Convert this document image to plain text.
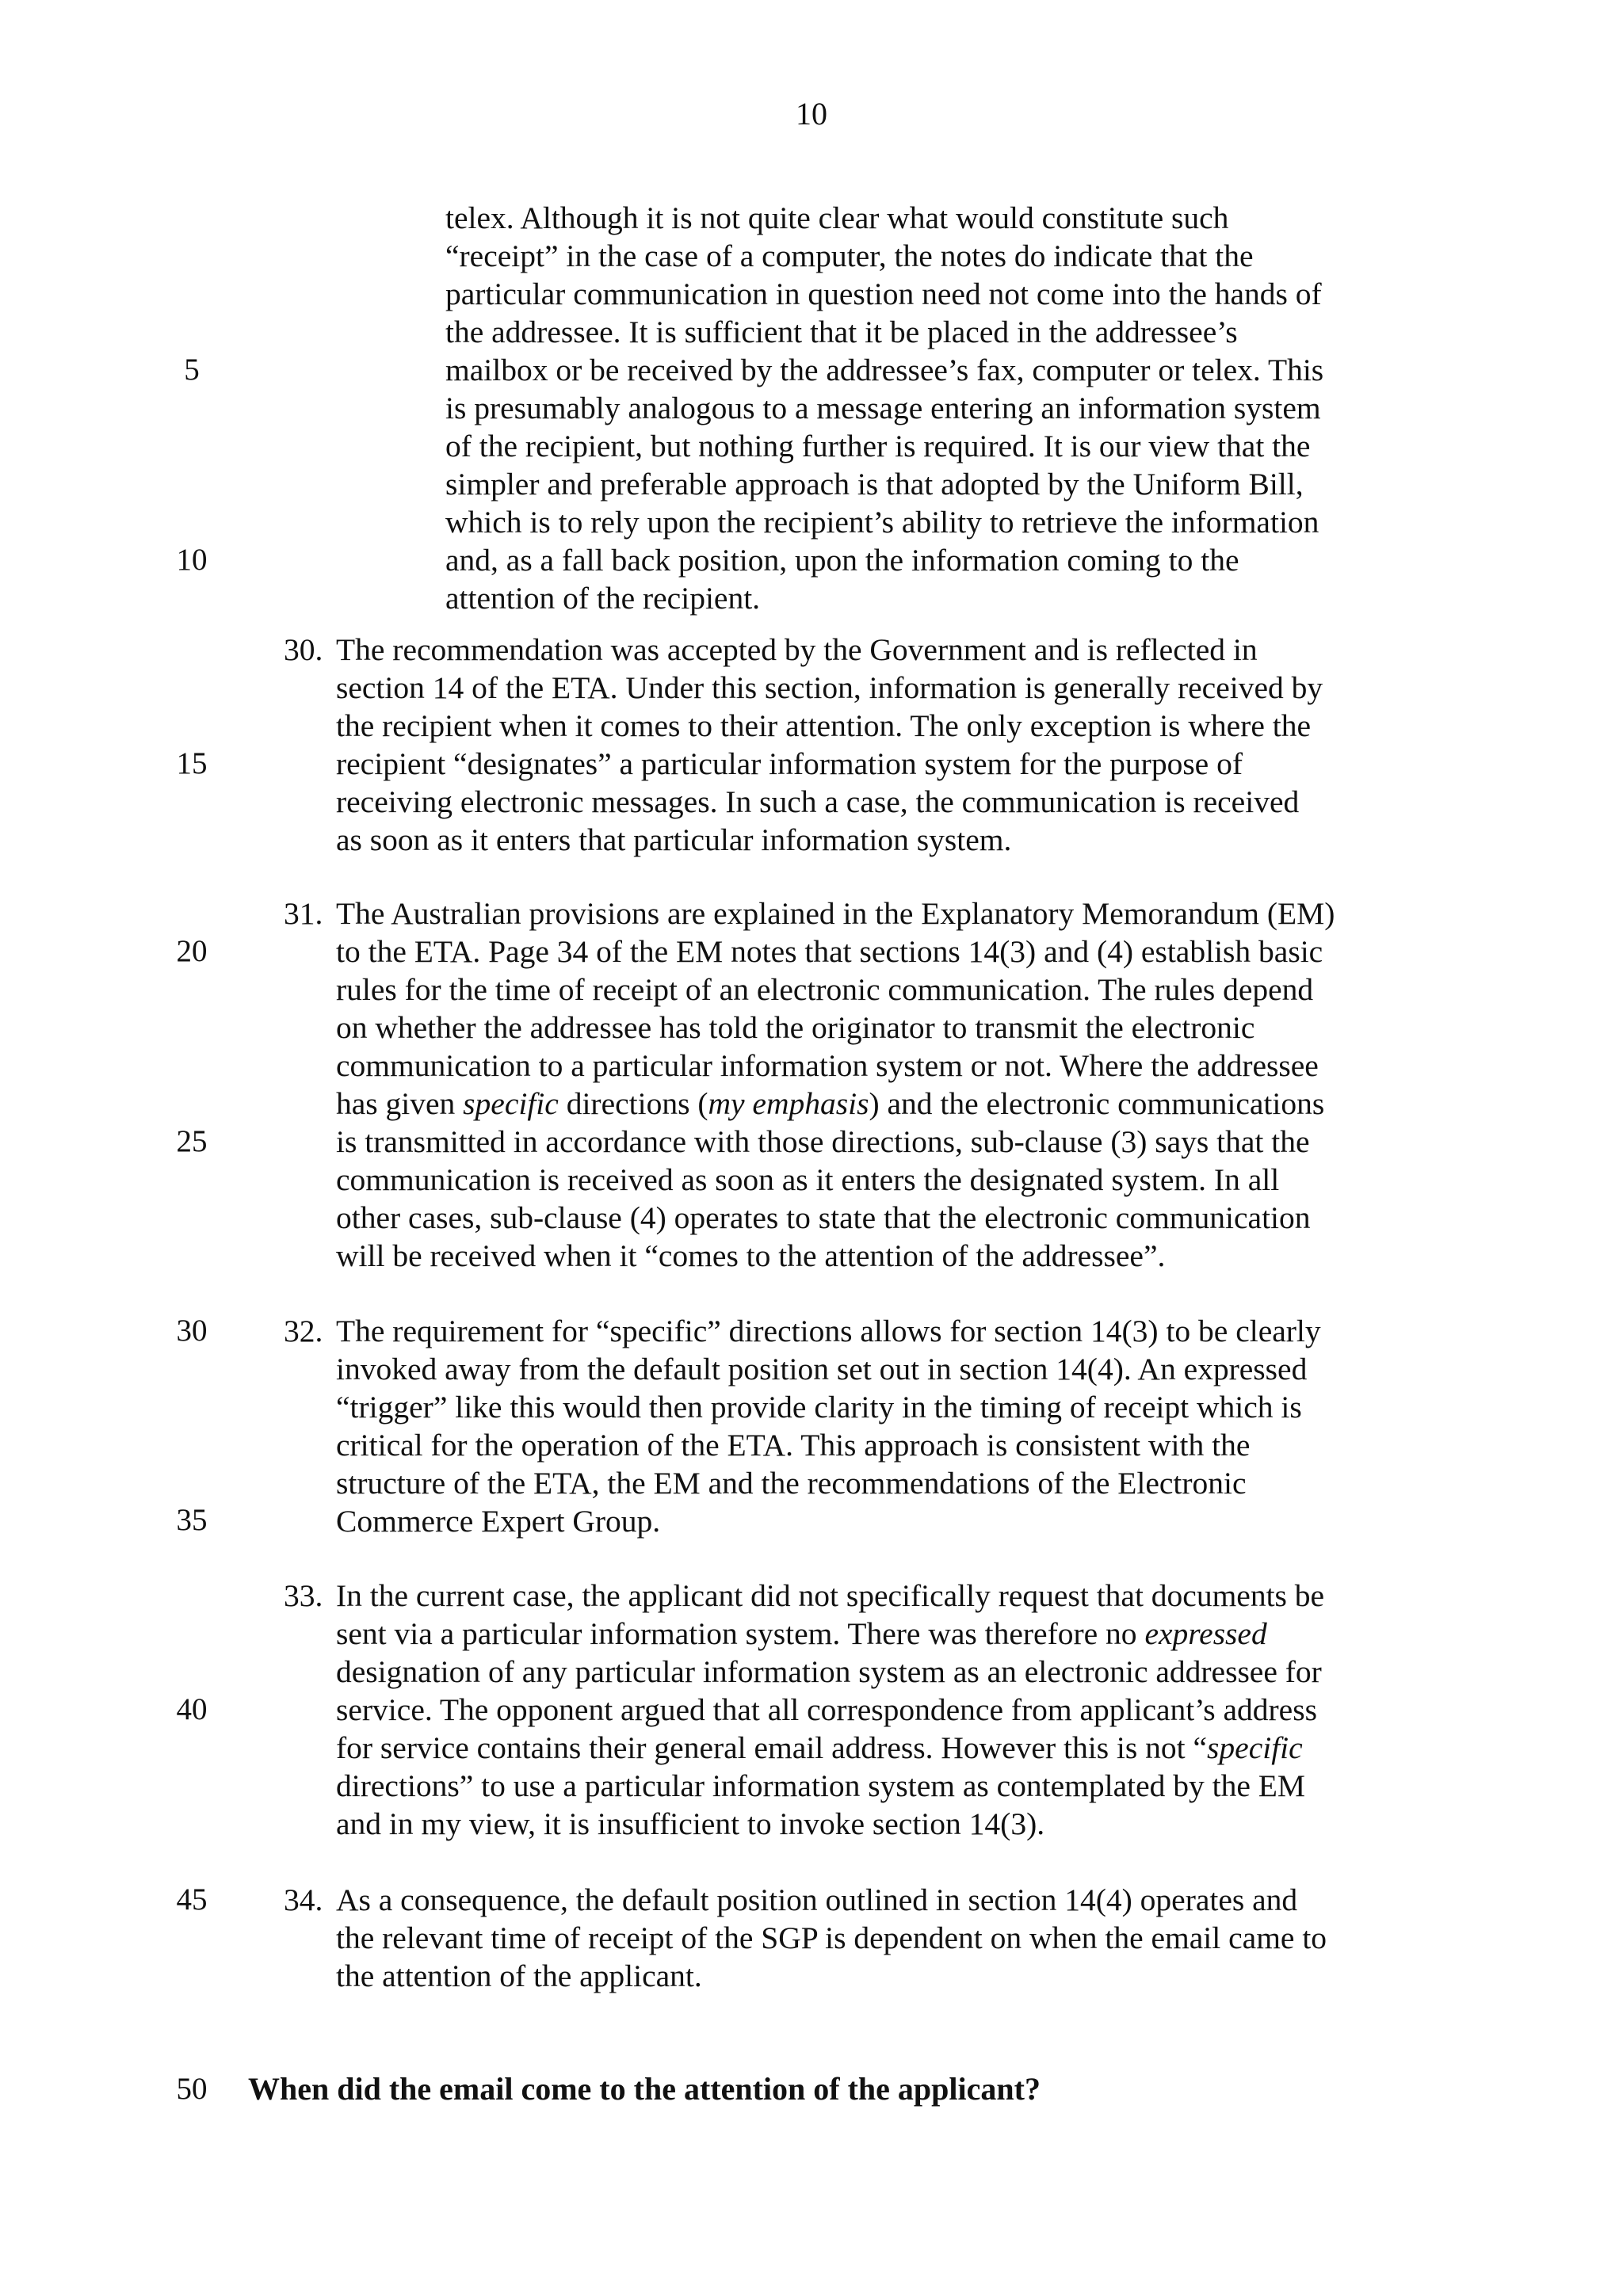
10
5
10
15
20
25
30
35
40
45
50
telex. Although it is not quite clear what would constitute such
“receipt” in the case of a computer, the notes do indicate that the
particular communication in question need not come into the hands of
the addressee. It is sufficient that it be placed in the addressee’s
mailbox or be received by the addressee’s fax, computer or telex. This
is presumably analogous to a message entering an information system
of the recipient, but nothing further is required. It is our view that the
simpler and preferable approach is that adopted by the Uniform Bill,
which is to rely upon the recipient’s ability to retrieve the information
and, as a fall back position, upon the information coming to the
attention of the recipient.
30. The recommendation was accepted by the Government and is reflected in
section 14 of the ETA. Under this section, information is generally received by
the recipient when it comes to their attention. The only exception is where the
recipient “designates” a particular information system for the purpose of
receiving electronic messages. In such a case, the communication is received
as soon as it enters that particular information system.
31. The Australian provisions are explained in the Explanatory Memorandum (EM)
to the ETA. Page 34 of the EM notes that sections 14(3) and (4) establish basic
rules for the time of receipt of an electronic communication. The rules depend
on whether the addressee has told the originator to transmit the electronic
communication to a particular information system or not. Where the addressee
has given specific directions (my emphasis) and the electronic communications
is transmitted in accordance with those directions, sub-clause (3) says that the
communication is received as soon as it enters the designated system. In all
other cases, sub-clause (4) operates to state that the electronic communication
will be received when it “comes to the attention of the addressee”.
32. The requirement for “specific” directions allows for section 14(3) to be clearly
invoked away from the default position set out in section 14(4). An expressed
“trigger” like this would then provide clarity in the timing of receipt which is
critical for the operation of the ETA. This approach is consistent with the
structure of the ETA, the EM and the recommendations of the Electronic
Commerce Expert Group.
33. In the current case, the applicant did not specifically request that documents be
sent via a particular information system. There was therefore no expressed
designation of any particular information system as an electronic addressee for
service. The opponent argued that all correspondence from applicant’s address
for service contains their general email address. However this is not “specific
directions” to use a particular information system as contemplated by the EM
and in my view, it is insufficient to invoke section 14(3).
34. As a consequence, the default position outlined in section 14(4) operates and
the relevant time of receipt of the SGP is dependent on when the email came to
the attention of the applicant.
When did the email come to the attention of the applicant?
